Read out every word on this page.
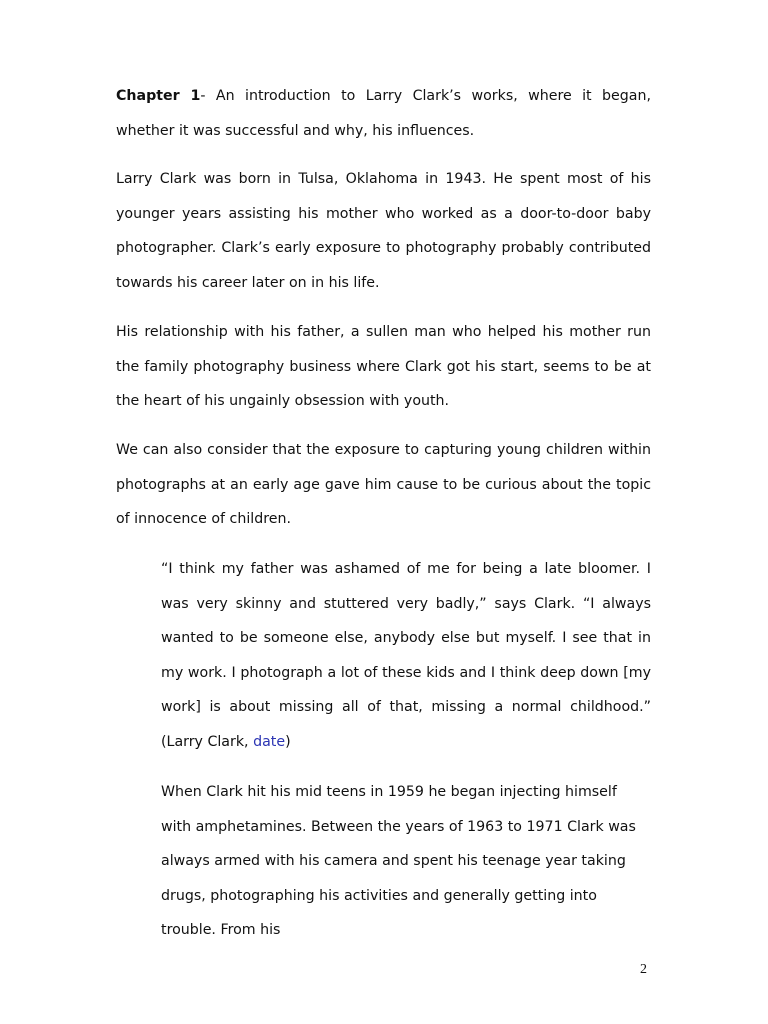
Chapter 1- An introduction to Larry Clark’s works, where it began, whether it was successful and why, his influences.

Larry Clark was born in Tulsa, Oklahoma in 1943. He spent most of his younger years assisting his mother who worked as a door-to-door baby photographer. Clark’s early exposure to photography probably contributed towards his career later on in his life.

His relationship with his father, a sullen man who helped his mother run the family photography business where Clark got his start, seems to be at the heart of his ungainly obsession with youth.

We can also consider that the exposure to capturing young children within photographs at an early age gave him cause to be curious about the topic of innocence of children.

“I think my father was ashamed of me for being a late bloomer. I was very skinny and stuttered very badly,” says Clark. “I always wanted to be someone else, anybody else but myself. I see that in my work. I photograph a lot of these kids and I think deep down [my work] is about missing all of that, missing a normal childhood.” (Larry Clark, date)

When Clark hit his mid teens in 1959 he began injecting himself with amphetamines. Between the years of 1963 to 1971 Clark was always armed with his camera and spent his teenage year taking drugs, photographing his activities and generally getting into trouble. From his

2
